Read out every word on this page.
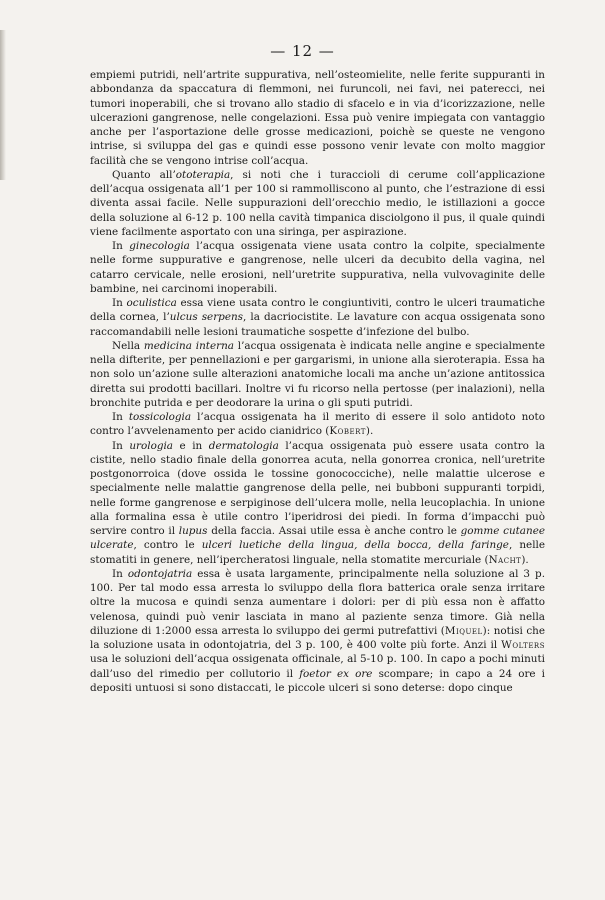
— 12 —

empiemi putridi, nell’artrite suppurativa, nell’osteomielite, nelle ferite suppuranti in abbondanza da spaccatura di flemmoni, nei furuncoli, nei favi, nei paterecci, nei tumori inoperabili, che si trovano allo stadio di sfacelo e in via d’icorizzazione, nelle ulcerazioni gangrenose, nelle congelazioni. Essa può venire impiegata con vantaggio anche per l’asportazione delle grosse medicazioni, poichè se queste ne vengono intrise, si sviluppa del gas e quindi esse possono venir levate con molto maggior facilità che se vengono intrise coll’acqua.

Quanto all’ototerapia, si noti che i turaccioli di cerume coll’applicazione dell’acqua ossigenata all’1 per 100 si rammolliscono al punto, che l’estrazione di essi diventa assai facile. Nelle suppurazioni dell’orecchio medio, le istillazioni a gocce della soluzione al 6-12 p. 100 nella cavità timpanica disciolgono il pus, il quale quindi viene facilmente asportato con una siringa, per aspirazione.

In ginecologia l’acqua ossigenata viene usata contro la colpite, specialmente nelle forme suppurative e gangrenose, nelle ulceri da decubito della vagina, nel catarro cervicale, nelle erosioni, nell’uretrite suppurativa, nella vulvovaginite delle bambine, nei carcinomi inoperabili.

In oculistica essa viene usata contro le congiuntiviti, contro le ulceri traumatiche della cornea, l’ulcus serpens, la dacriocistite. Le lavature con acqua ossigenata sono raccomandabili nelle lesioni traumatiche sospette d’infezione del bulbo.

Nella medicina interna l’acqua ossigenata è indicata nelle angine e specialmente nella difterite, per pennellazioni e per gargarismi, in unione alla sieroterapia. Essa ha non solo un’azione sulle alterazioni anatomiche locali ma anche un’azione antitossica diretta sui prodotti bacillari. Inoltre vi fu ricorso nella pertosse (per inalazioni), nella bronchite putrida e per deodorare la urina o gli sputi putridi.

In tossicologia l’acqua ossigenata ha il merito di essere il solo antidoto noto contro l’avvelenamento per acido cianidrico (Kobert).

In urologia e in dermatologia l’acqua ossigenata può essere usata contro la cistite, nello stadio finale della gonorrea acuta, nella gonorrea cronica, nell’uretrite postgonorroica (dove ossida le tossine gonococciche), nelle malattie ulcerose e specialmente nelle malattie gangrenose della pelle, nei bubboni suppuranti torpidi, nelle forme gangrenose e serpiginose dell’ulcera molle, nella leucoplachia. In unione alla formalina essa è utile contro l’iperidrosi dei piedi. In forma d’impacchi può servire contro il lupus della faccia. Assai utile essa è anche contro le gomme cutanee ulcerate, contro le ulceri luetiche della lingua, della bocca, della faringe, nelle stomatiti in genere, nell’ipercheratosi linguale, nella stomatite mercuriale (Nacht).

In odontojatria essa è usata largamente, principalmente nella soluzione al 3 p. 100. Per tal modo essa arresta lo sviluppo della flora batterica orale senza irritare oltre la mucosa e quindi senza aumentare i dolori: per di più essa non è affatto velenosa, quindi può venir lasciata in mano al paziente senza timore. Già nella diluzione di 1:2000 essa arresta lo sviluppo dei germi putrefattivi (Miquel): notisi che la soluzione usata in odontojatria, del 3 p. 100, è 400 volte più forte. Anzi il Wolters usa le soluzioni dell’acqua ossigenata officinale, al 5-10 p. 100. In capo a pochi minuti dall’uso del rimedio per collutorio il foetor ex ore scompare; in capo a 24 ore i depositi untuosi si sono distaccati, le piccole ulceri si sono deterse: dopo cinque
